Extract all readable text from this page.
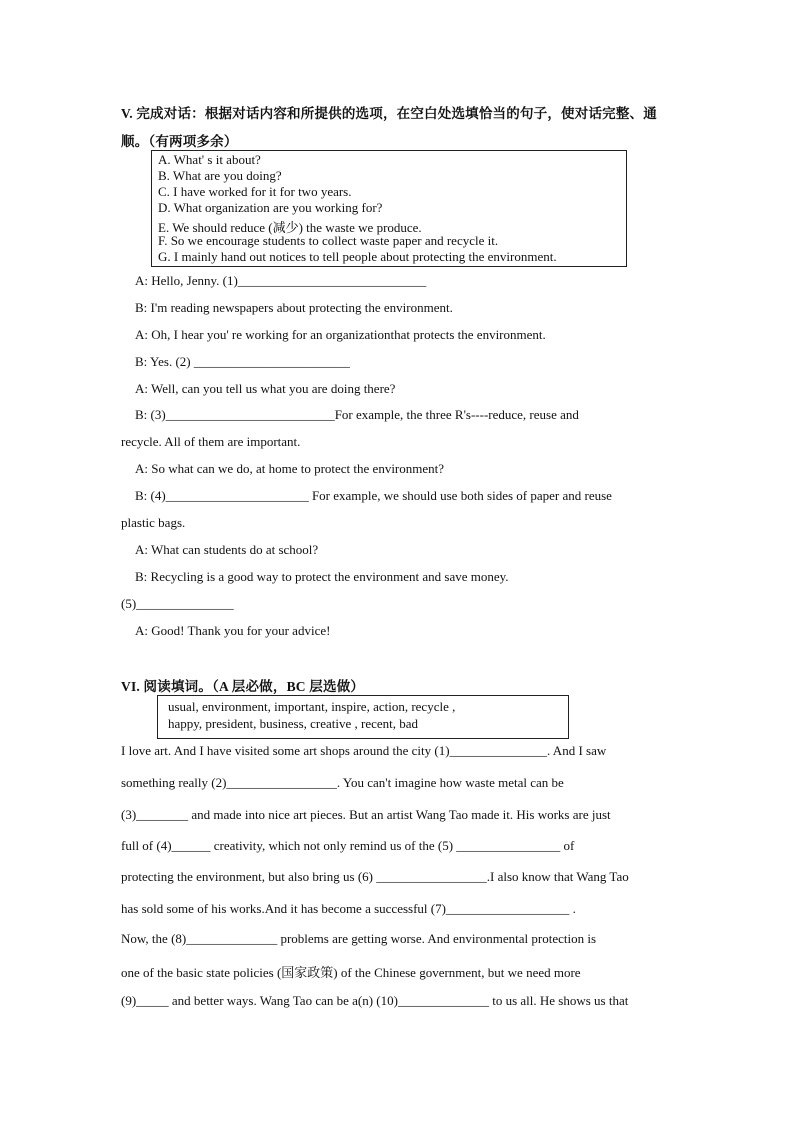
V. 完成对话：根据对话内容和所提供的选项，在空白处选填恰当的句子，使对话完整、通
顺。（有两项多余）
A. What' s it about?
B. What are you doing?
C. I have worked for it for two years.
D. What organization are you working for?
E. We should reduce (减少) the waste we produce.
F. So we encourage students to collect waste paper and recycle it.
G. I mainly hand out notices to tell people about protecting the environment.
A: Hello, Jenny. (1)_____________________________
B: I'm reading newspapers about protecting the environment.
A: Oh, I hear you' re working for an organizationthat protects the environment.
B: Yes. (2) ________________________
A: Well, can you tell us what you are doing there?
B: (3)__________________________For example, the three R's----reduce, reuse and
recycle. All of them are important.
A: So what can we do, at home to protect the environment?
B: (4)______________________ For example, we should use both sides of paper and reuse
plastic bags.
A: What can students do at school?
B: Recycling is a good way to protect the environment and save money.
(5)_______________
A: Good! Thank you for your advice!
VI. 阅读填词。（A 层必做，BC 层选做）
usual, environment, important, inspire, action, recycle ,
happy, president, business, creative , recent, bad
I love art. And I have visited some art shops around the city (1)_______________. And I saw
something really (2)_________________. You can't imagine how waste metal can be
(3)________ and made into nice art pieces. But an artist Wang Tao made it. His works are just
full of (4)______ creativity, which not only remind us of the (5) ________________ of
protecting the environment, but also bring us (6) _________________.I also know that Wang Tao
has sold some of his works.And it has become a successful (7)___________________ .
Now, the (8)______________ problems are getting worse. And environmental protection is
one of the basic state policies (国家政策) of the Chinese government, but we need more
(9)_____ and better ways. Wang Tao can be a(n) (10)______________ to us all. He shows us that
